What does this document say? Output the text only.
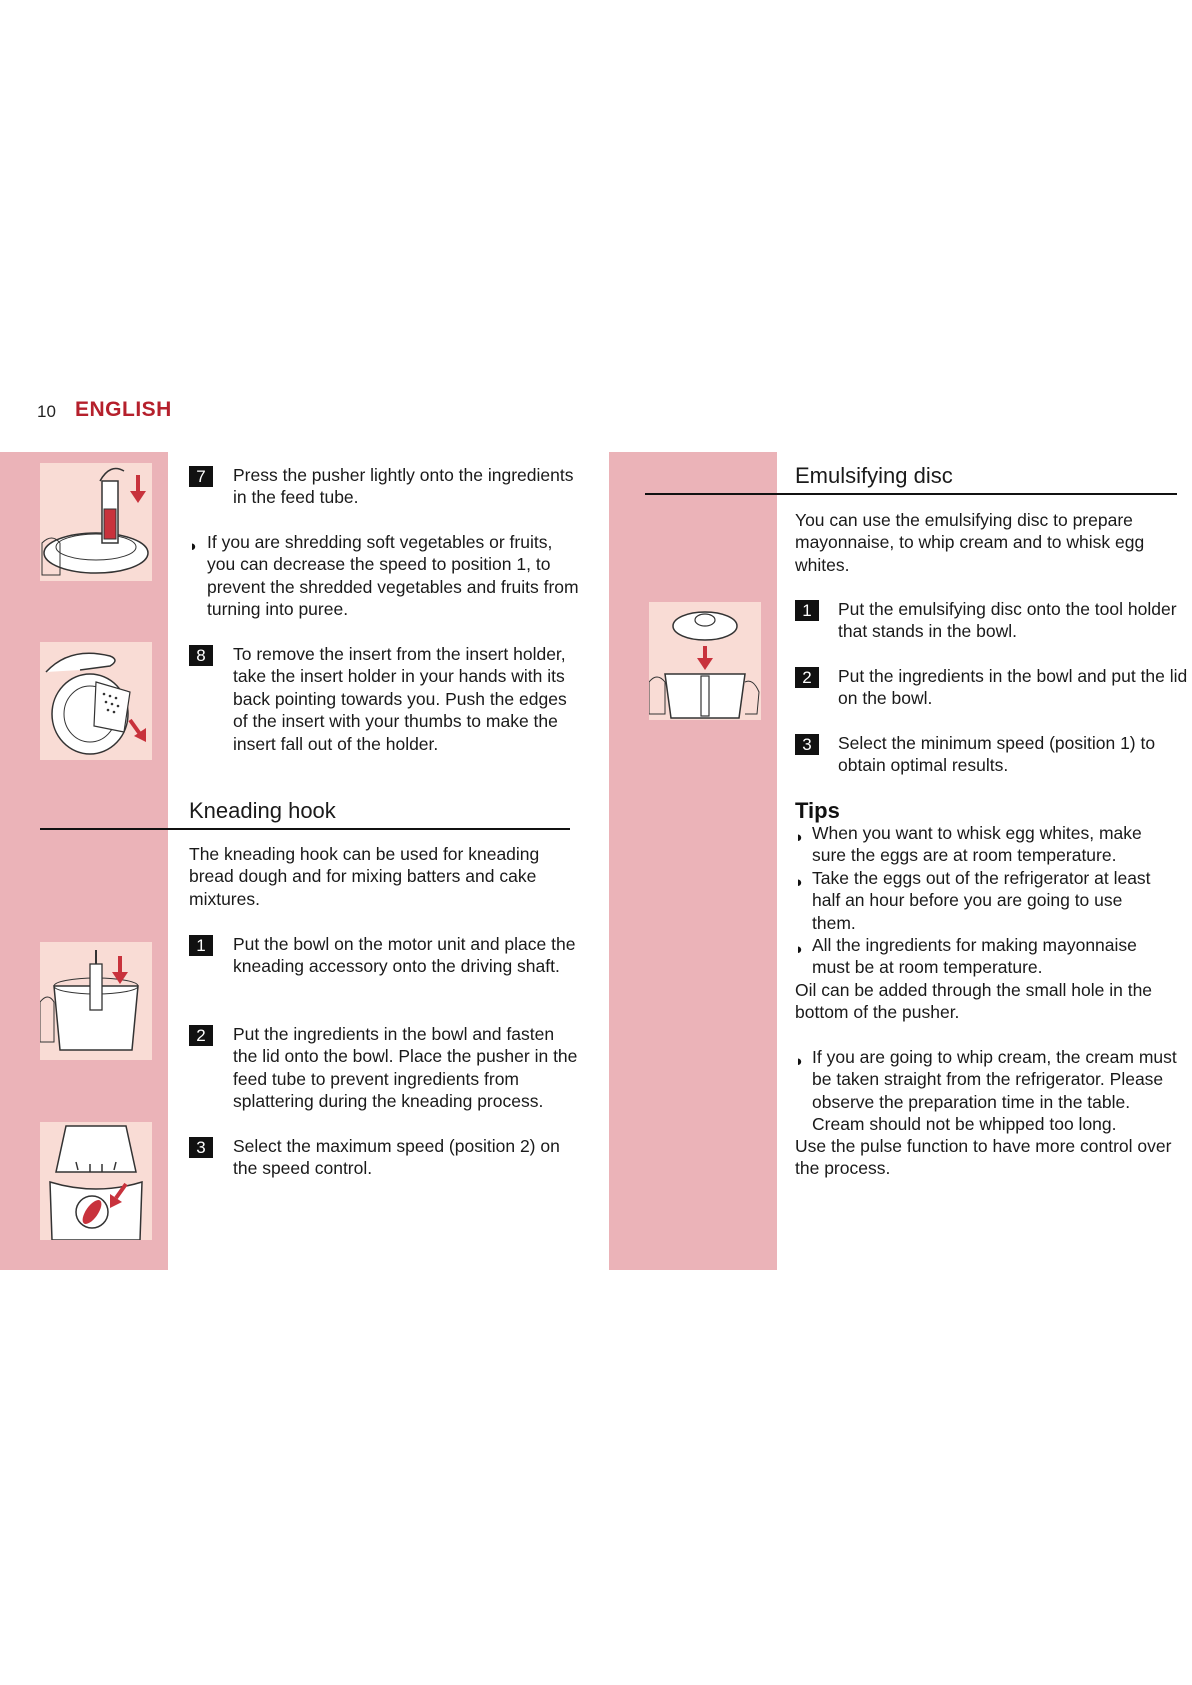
10 ENGLISH
7	Press the pusher lightly onto the ingredients in the feed tube.
◗ If you are shredding soft vegetables or fruits, you can decrease the speed to position 1, to prevent the shredded vegetables and fruits from turning into puree.
8	To remove the insert from the insert holder, take the insert holder in your hands with its back pointing towards you. Push the edges of the insert with your thumbs to make the insert fall out of the holder.
Kneading hook
The kneading hook can be used for kneading bread dough and for mixing batters and cake mixtures.
1	Put the bowl on the motor unit and place the kneading accessory onto the driving shaft.
2	Put the ingredients in the bowl and fasten the lid onto the bowl. Place the pusher in the feed tube to prevent ingredients from splattering during the kneading process.
3	Select the maximum speed (position 2) on the speed control.
Emulsifying disc
You can use the emulsifying disc to prepare mayonnaise, to whip cream and to whisk egg whites.
1	Put the emulsifying disc onto the tool holder that stands in the bowl.
2	Put the ingredients in the bowl and put the lid on the bowl.
3	Select the minimum speed (position 1) to obtain optimal results.
Tips
◗ When you want to whisk egg whites, make sure the eggs are at room temperature.
◗ Take the eggs out of the refrigerator at least half an hour before you are going to use them.
◗ All the ingredients for making mayonnaise must be at room temperature.
Oil can be added through the small hole in the bottom of the pusher.
◗ If you are going to whip cream, the cream must be taken straight from the refrigerator. Please observe the preparation time in the table. Cream should not be whipped too long.
Use the pulse function to have more control over the process.
